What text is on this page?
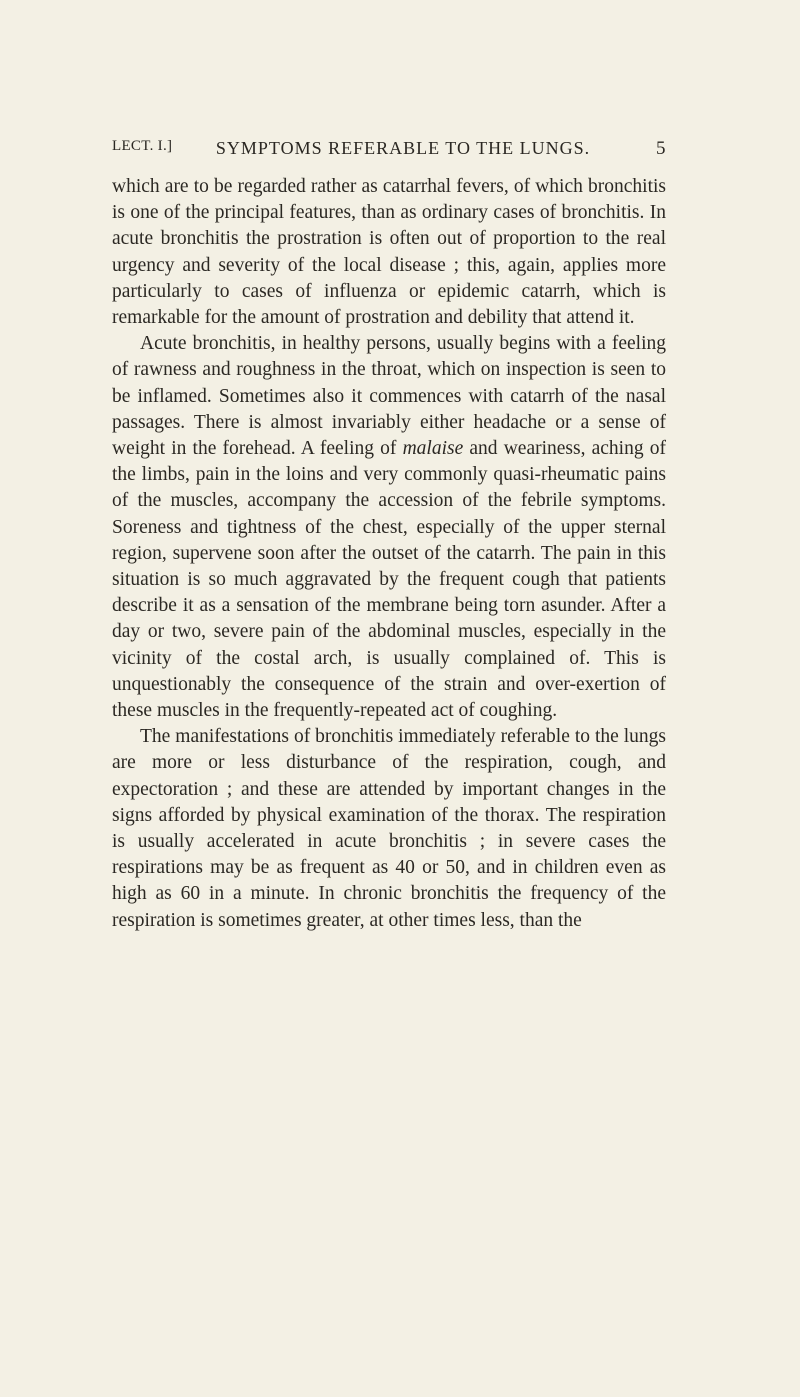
LECT. I.]	SYMPTOMS REFERABLE TO THE LUNGS.	5

which are to be regarded rather as catarrhal fevers, of which bronchitis is one of the principal features, than as ordinary cases of bronchitis. In acute bronchitis the prostration is often out of proportion to the real urgency and severity of the local disease ; this, again, applies more particularly to cases of influenza or epidemic catarrh, which is remarkable for the amount of prostration and debility that attend it.

Acute bronchitis, in healthy persons, usually begins with a feeling of rawness and roughness in the throat, which on inspection is seen to be inflamed. Sometimes also it commences with catarrh of the nasal passages. There is almost invariably either headache or a sense of weight in the forehead. A feeling of malaise and weariness, aching of the limbs, pain in the loins and very commonly quasi-rheumatic pains of the muscles, accompany the accession of the febrile symptoms. Soreness and tightness of the chest, especially of the upper sternal region, supervene soon after the outset of the catarrh. The pain in this situation is so much aggravated by the frequent cough that patients describe it as a sensation of the membrane being torn asunder. After a day or two, severe pain of the abdominal muscles, especially in the vicinity of the costal arch, is usually complained of. This is unquestionably the consequence of the strain and over-exertion of these muscles in the frequently-repeated act of coughing.

The manifestations of bronchitis immediately referable to the lungs are more or less disturbance of the respiration, cough, and expectoration ; and these are attended by important changes in the signs afforded by physical examination of the thorax. The respiration is usually accelerated in acute bronchitis ; in severe cases the respirations may be as frequent as 40 or 50, and in children even as high as 60 in a minute. In chronic bronchitis the frequency of the respiration is sometimes greater, at other times less, than the
